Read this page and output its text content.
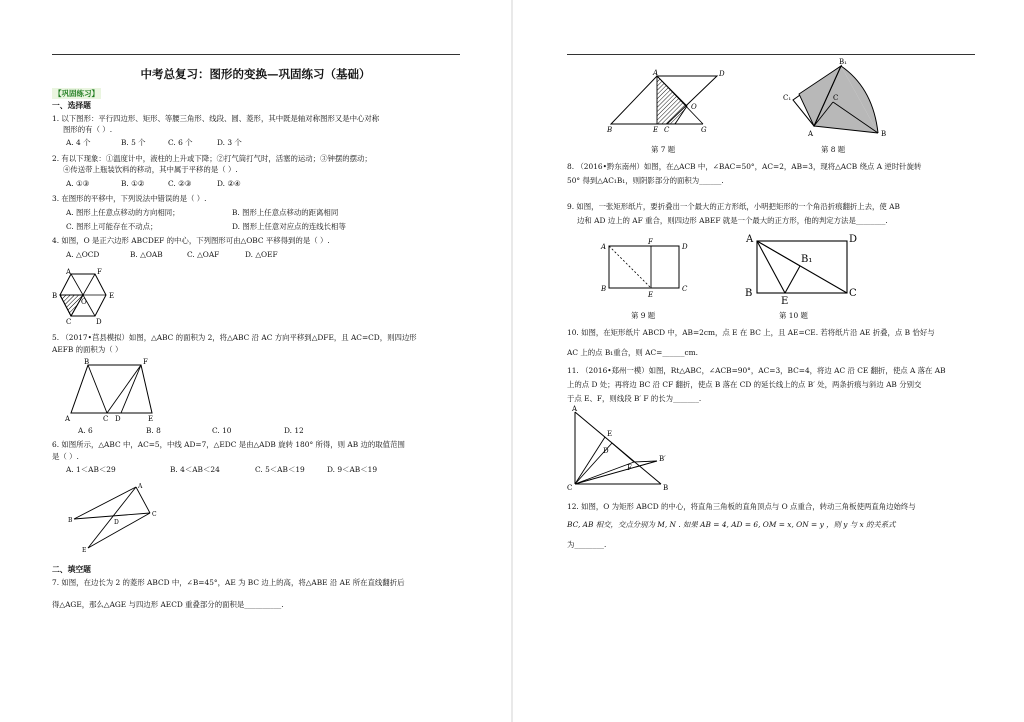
中考总复习：图形的变换—巩固练习（基础）
【巩固练习】
一、选择题
1. 以下图形：平行四边形、矩形、等腰三角形、线段、圆、菱形，其中既是轴对称图形又是中心对称
图形的有（ ）.
A. 4 个	B. 5 个	C. 6 个	D. 3 个
2. 有以下现象：①温度计中，液柱的上升或下降；②打气筒打气时，活塞的运动；③钟摆的摆动；
④传送带上瓶装饮料的移动，其中属于平移的是（ ）.
A. ①③	B. ①②	C. ②③	D. ②④
3. 在图形的平移中，下列说法中错误的是（ ）.
A. 图形上任意点移动的方向相同；	B. 图形上任意点移动的距离相同
C. 图形上可能存在不动点；	D. 图形上任意对应点的连线长相等
4. 如图，O 是正六边形 ABCDEF 的中心，下列图形可由△OBC 平移得到的是（ ）.
A. △OCD	B. △OAB	C. △OAF	D. △OEF
A	F
B
O
E
C	D
5. （2017•莒县模拟）如图，△ABC 的面积为 2，将△ABC 沿 AC 方向平移到△DFE，且 AC=CD，则四边形
AEFB 的面积为（ ）
B	F
A	C D	E
A. 6	B. 8	C. 10	D. 12
6. 如图所示，△ABC 中，AC=5，中线 AD=7，△EDC 是由△ADB 旋转 180° 所得，则 AB 边的取值范围
是（ ）.
A. 1＜AB＜29	B. 4＜AB＜24	C. 5＜AB＜19	D. 9＜AB＜19
A
B	D
C
E
二、填空题
7. 如图，在边长为 2 的菱形 ABCD 中，∠B=45°，AE 为 BC 边上的高，将△ABE 沿 AE 所在直线翻折后
得△AGE，那么△AGE 与四边形 AECD 重叠部分的面积是__________.
A	D
O
B	E C	G
第 7 题
B₁
C₁	C
A	B
第 8 题
8. （2016•黔东南州）如图，在△ACB 中，∠BAC=50°，AC=2，AB=3，现将△ACB 绕点 A 逆时针旋转
50° 得到△AC₁B₁，则阴影部分的面积为______.
9. 如图，一张矩形纸片，要折叠出一个最大的正方形纸，小明把矩形的一个角沿折痕翻折上去，使 AB
边和 AD 边上的 AF 重合，则四边形 ABEF 就是一个最大的正方形，他的判定方法是________.
A
F
D
B
E
C
第 9 题
A	D
B₁
B
E
C
第 10 题
10. 如图，在矩形纸片 ABCD 中，AB=2cm，点 E 在 BC 上，且 AE=CE. 若将纸片沿 AE 折叠，点 B 恰好与
AC 上的点 B₁重合，则 AC=______cm.
11. （2016•郑州一模）如图，Rt△ABC，∠ACB=90°，AC=3，BC=4，将边 AC 沿 CE 翻折，使点 A 落在 AB
上的点 D 处；再将边 BC 沿 CF 翻折，使点 B 落在 CD 的延长线上的点 B′ 处，两条折痕与斜边 AB 分别交
于点 E、F，则线段 B′ F 的长为_______.
A
E
D
F
B′
C	B
12. 如图，O 为矩形 ABCD 的中心，将直角三角板的直角顶点与 O 点重合，转动三角板使两直角边始终与
BC, AB 相交，交点分别为 M, N . 如果 AB = 4, AD = 6, OM = x, ON = y ，则 y 与 x 的关系式
为________.
